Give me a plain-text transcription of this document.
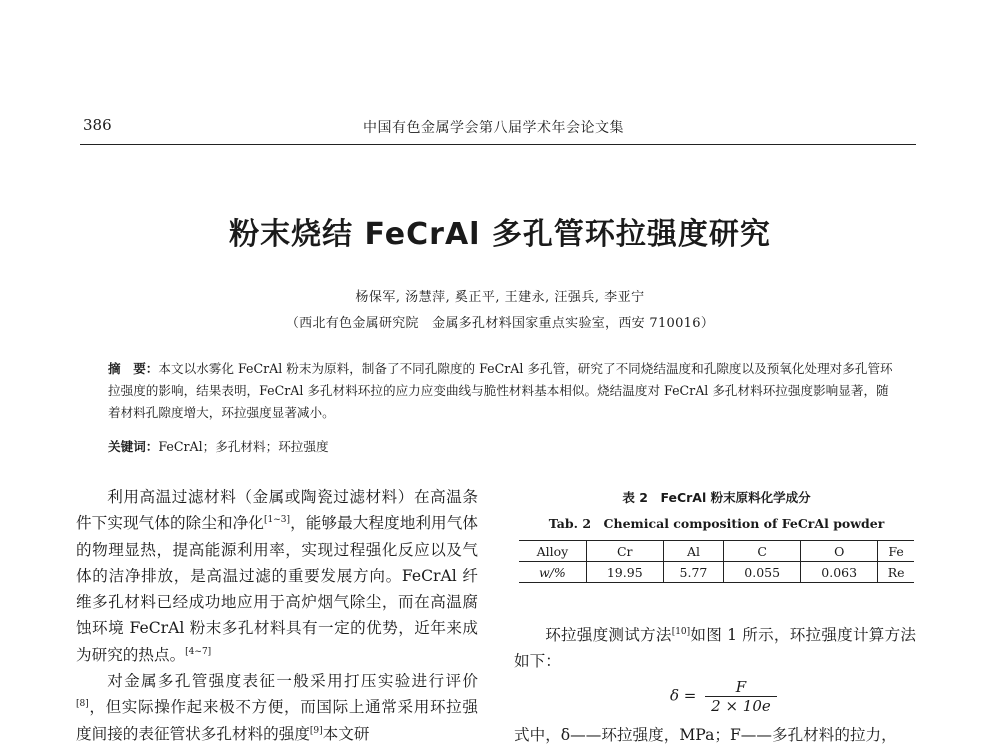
386	中国有色金属学会第八届学术年会论文集
粉末烧结 FeCrAl 多孔管环拉强度研究
杨保军, 汤慧萍, 奚正平, 王建永, 汪强兵, 李亚宁
（西北有色金属研究院　金属多孔材料国家重点实验室，西安 710016）
摘　要：本文以水雾化 FeCrAl 粉末为原料，制备了不同孔隙度的 FeCrAl 多孔管，研究了不同烧结温度和孔隙度以及预氧化处理对多孔管环拉强度的影响，结果表明，FeCrAl 多孔材料环拉的应力应变曲线与脆性材料基本相似。烧结温度对 FeCrAl 多孔材料环拉强度影响显著，随着材料孔隙度增大，环拉强度显著减小。
关键词：FeCrAl；多孔材料；环拉强度

利用高温过滤材料（金属或陶瓷过滤材料）在高温条件下实现气体的除尘和净化[1~3]，能够最大程度地利用气体的物理显热，提高能源利用率，实现过程强化反应以及气体的洁净排放，是高温过滤的重要发展方向。FeCrAl 纤维多孔材料已经成功地应用于高炉烟气除尘，而在高温腐蚀环境 FeCrAl 粉末多孔材料具有一定的优势，近年来成为研究的热点。[4~7]

对金属多孔管强度表征一般采用打压实验进行评价[8]，但实际操作起来极不方便，而国际上通常采用环拉强度间接的表征管状多孔材料的强度[9]本文研

表 2　FeCrAl 粉末原料化学成分
Tab. 2　Chemical composition of FeCrAl powder
Alloy	Cr	Al	C	O	Fe
w/%	19.95	5.77	0.055	0.063	Re

环拉强度测试方法[10]如图 1 所示，环拉强度计算方法如下：

$\delta = \frac{F}{2 \times 10e}$
式中，δ——环拉强度，MPa；F——多孔材料的拉力，
